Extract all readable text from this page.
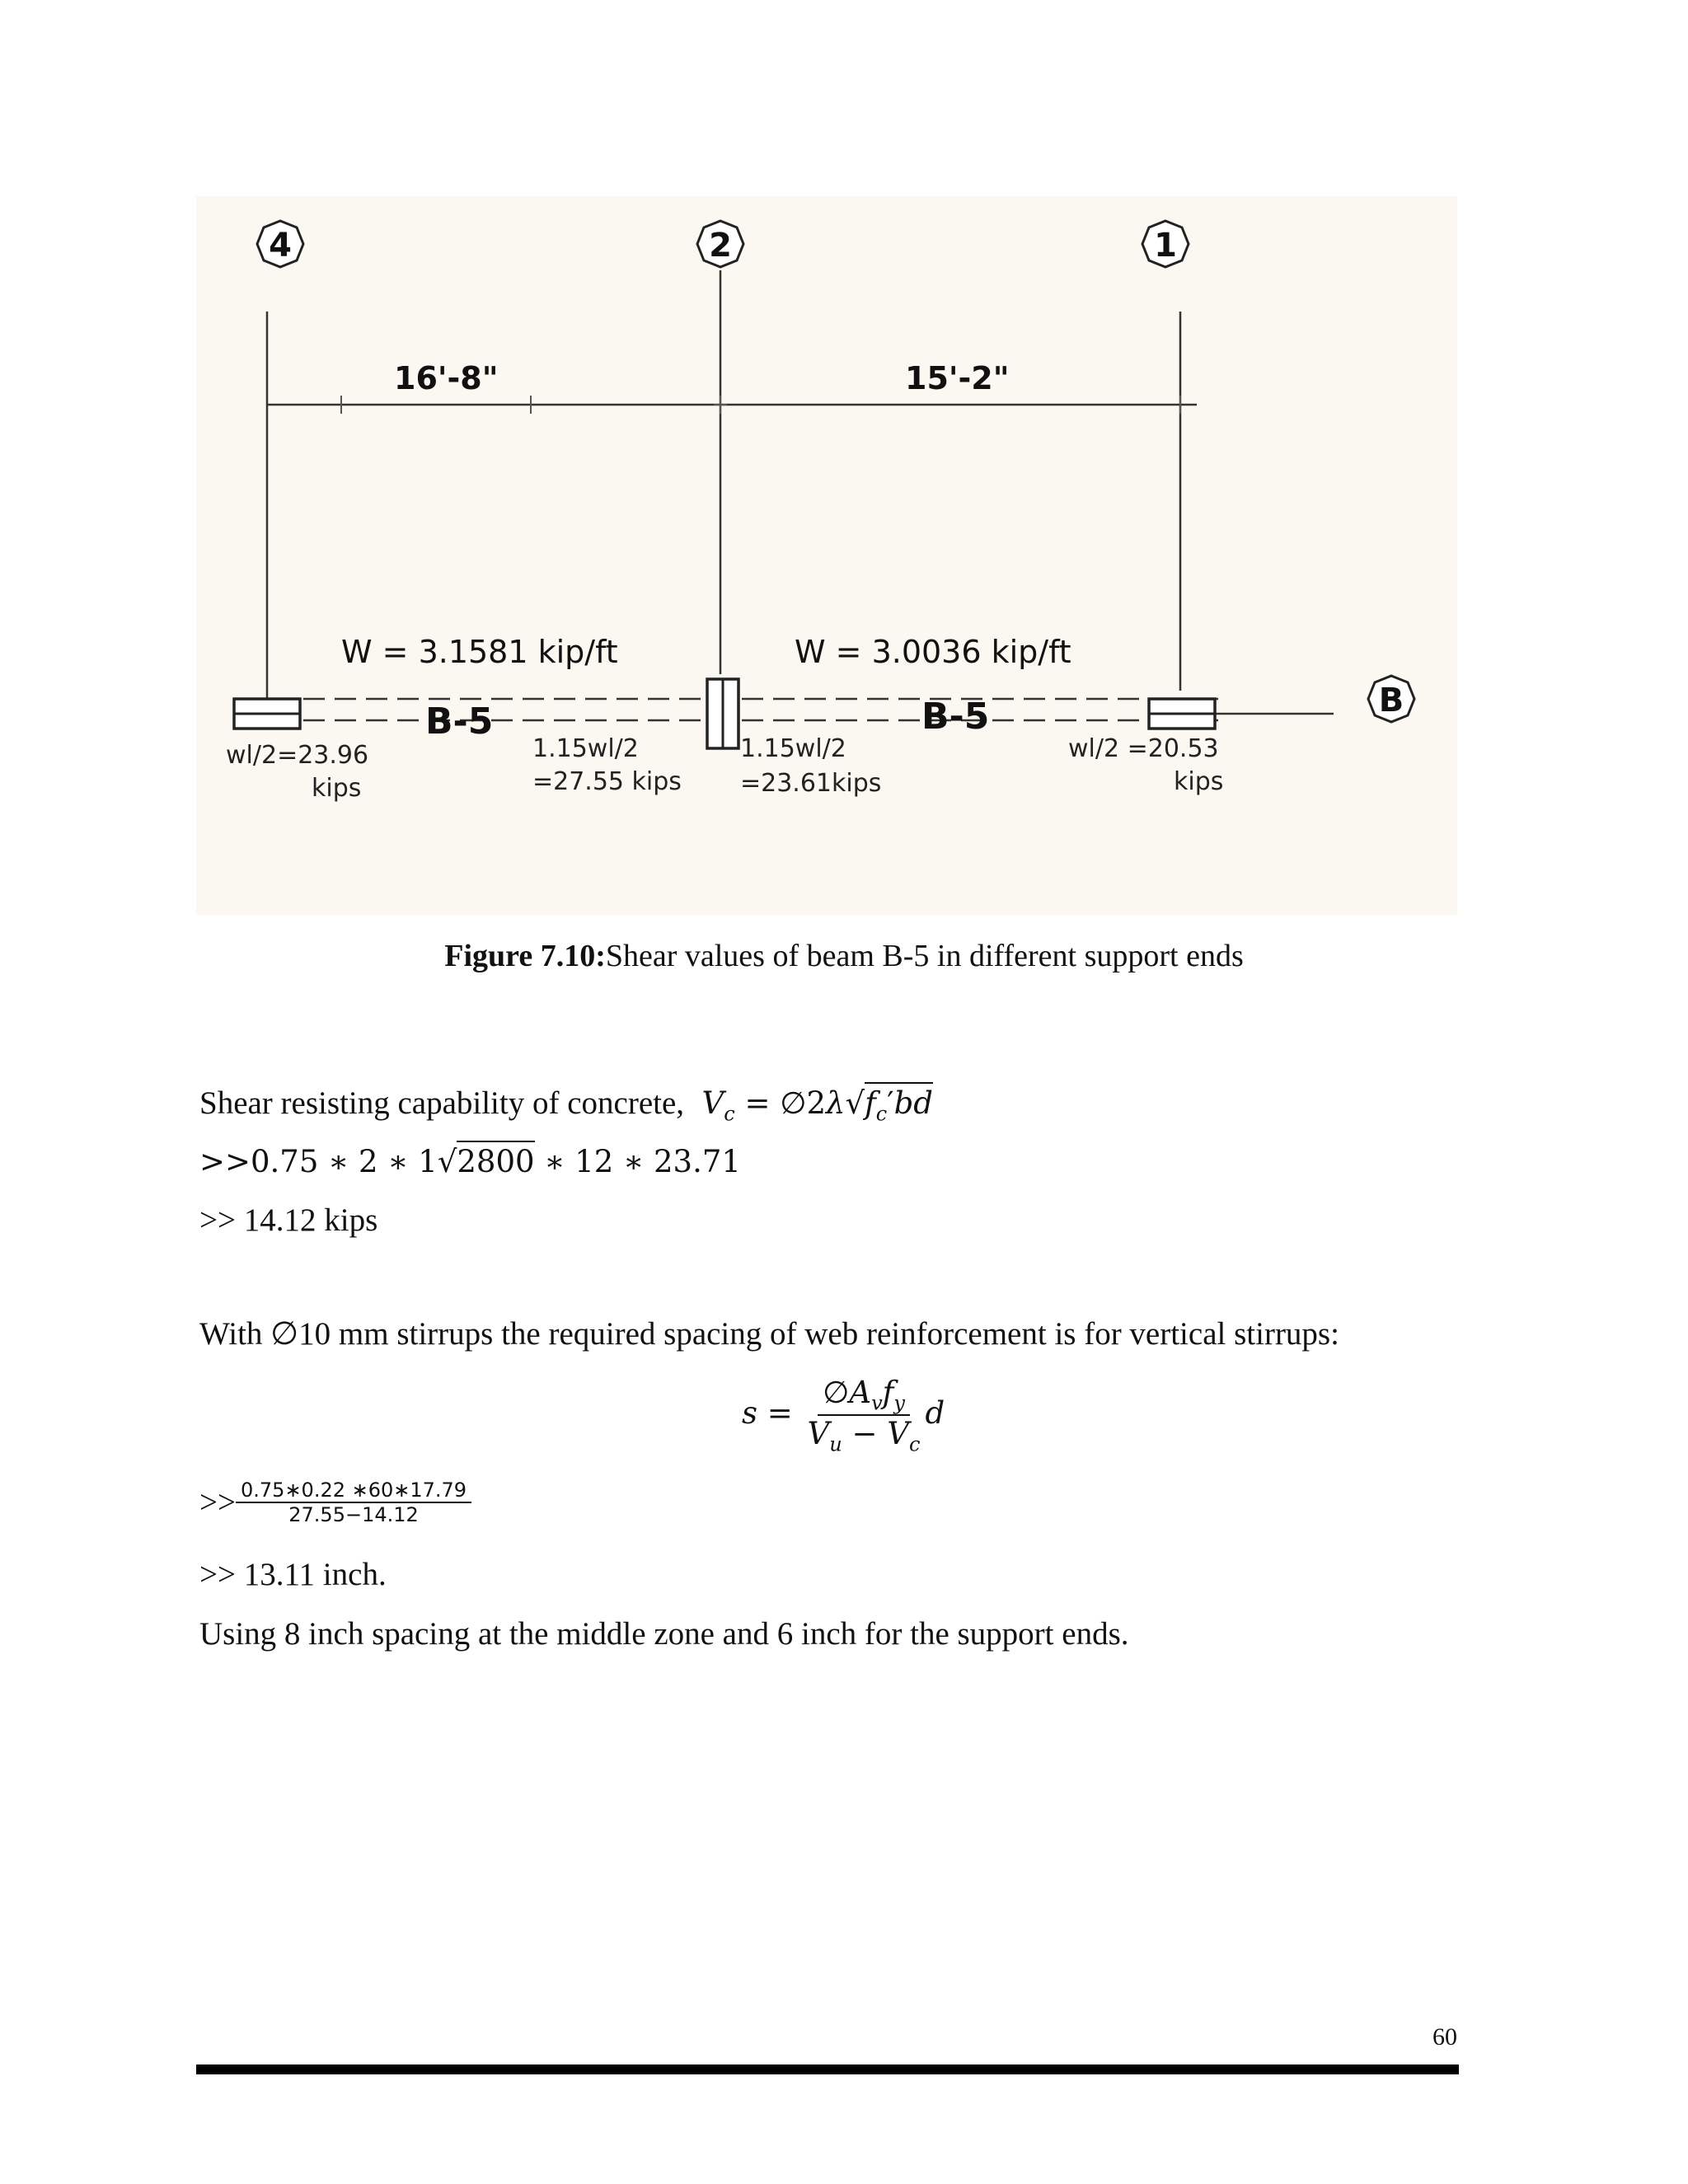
4	2	1
B
16'-8"	15'-2"
W = 3.1581 kip/ft	W = 3.0036 kip/ft
B-5	B-5
wl/2=23.96
kips
1.15wl/2
=27.55 kips
1.15wl/2
=23.61kips
wl/2 =20.53
kips
Figure 7.10:Shear values of beam B-5 in different support ends
Shear resisting capability of concrete, $V_c$ = $\emptyset 2\lambda√f_c'bd$
>>0.75 ∗ 2 ∗ 1√2800 ∗ 12 ∗ 23.71
>> 14.12 kips
With ∅10 mm stirrups the required spacing of web reinforcement is for vertical stirrups:
$s = \frac{\emptyset A_vf_y}{V_u - V_c}$ d
>> $\frac{0.75∗0.22 ∗60∗17.79}{27.55-14.12}$
>> 13.11 inch.
Using 8 inch spacing at the middle zone and 6 inch for the support ends.
60
